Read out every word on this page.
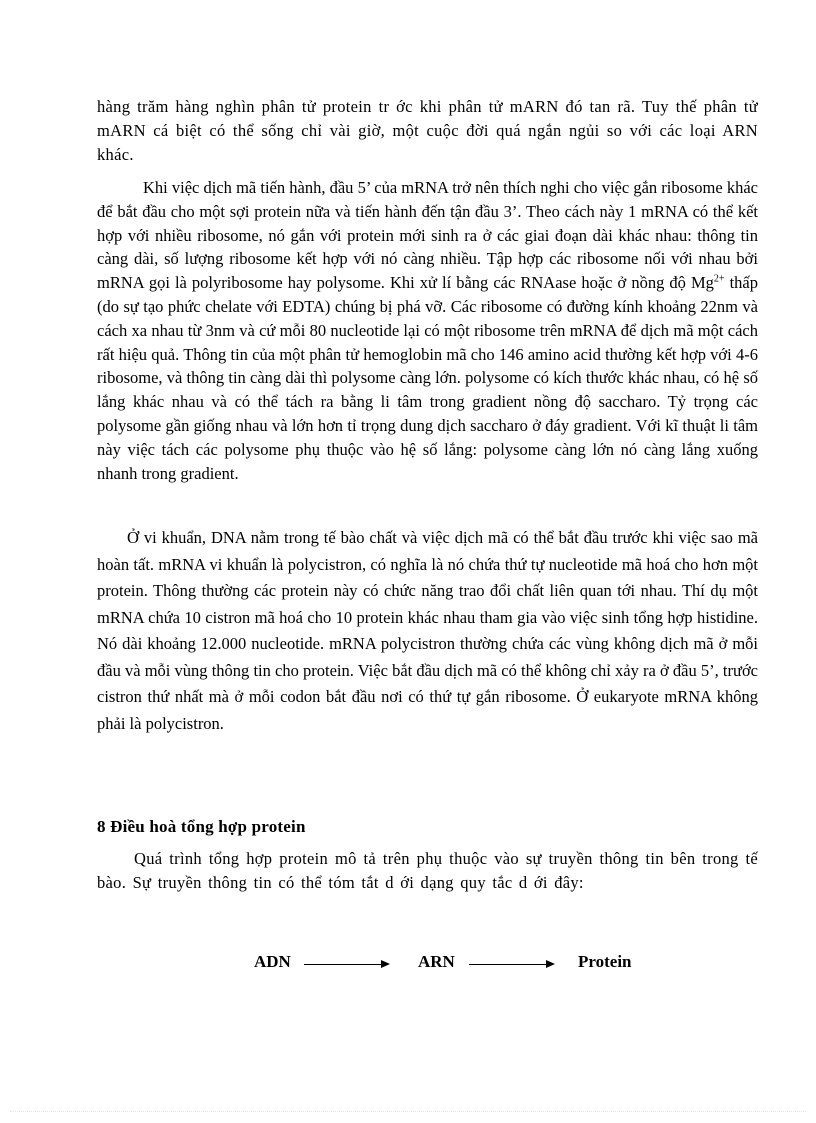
hàng trăm hàng nghìn phân tử protein tr ớc khi phân tử mARN đó tan rã. Tuy thế phân tử mARN cá biệt có thể sống chỉ vài giờ, một cuộc đời quá ngắn ngủi so với các loại ARN khác.

Khi việc dịch mã tiến hành, đầu 5’ của mRNA trở nên thích nghi cho việc gắn ribosome khác để bắt đầu cho một sợi protein nữa và tiến hành đến tận đầu 3’. Theo cách này 1 mRNA có thể kết hợp với nhiều ribosome, nó gắn với protein mới sinh ra ở các giai đoạn dài khác nhau: thông tin càng dài, số lượng ribosome kết hợp với nó càng nhiều. Tập hợp các ribosome nối với nhau bởi mRNA gọi là polyribosome hay polysome. Khi xử lí bằng các RNAase hoặc ở nồng độ $Mg^{2+}$ thấp (do sự tạo phức chelate với EDTA) chúng bị phá vỡ. Các ribosome có đường kính khoảng 22nm và cách xa nhau từ 3nm và cứ mỗi 80 nucleotide lại có một ribosome trên mRNA để dịch mã một cách rất hiệu quả. Thông tin của một phân tử hemoglobin mã cho 146 amino acid thường kết hợp với 4-6 ribosome, và thông tin càng dài thì polysome càng lớn. polysome có kích thước khác nhau, có hệ số lắng khác nhau và có thể tách ra bằng li tâm trong gradient nồng độ saccharo. Tỷ trọng các polysome gần giống nhau và lớn hơn tỉ trọng dung dịch saccharo ở đáy gradient. Với kĩ thuật li tâm này việc tách các polysome phụ thuộc vào hệ số lắng: polysome càng lớn nó càng lắng xuống nhanh trong gradient.

Ở vi khuẩn, DNA nằm trong tế bào chất và việc dịch mã có thể bắt đầu trước khi việc sao mã hoàn tất. mRNA vi khuẩn là polycistron, có nghĩa là nó chứa thứ tự nucleotide mã hoá cho hơn một protein. Thông thường các protein này có chức năng trao đổi chất liên quan tới nhau. Thí dụ một mRNA chứa 10 cistron mã hoá cho 10 protein khác nhau tham gia vào việc sinh tổng hợp histidine. Nó dài khoảng 12.000 nucleotide. mRNA polycistron thường chứa các vùng không dịch mã ở mỗi đầu và mỗi vùng thông tin cho protein. Việc bắt đầu dịch mã có thể không chỉ xảy ra ở đầu 5’, trước cistron thứ nhất mà ở mỗi codon bắt đầu nơi có thứ tự gắn ribosome. Ở eukaryote mRNA không phải là polycistron.

8 Điều hoà tổng hợp protein

Quá trình tổng hợp protein mô tả trên phụ thuộc vào sự truyền thông tin bên trong tế bào. Sự truyền thông tin có thể tóm tắt d ới dạng quy tắc d ới đây:

ADN	ARN	Protein
